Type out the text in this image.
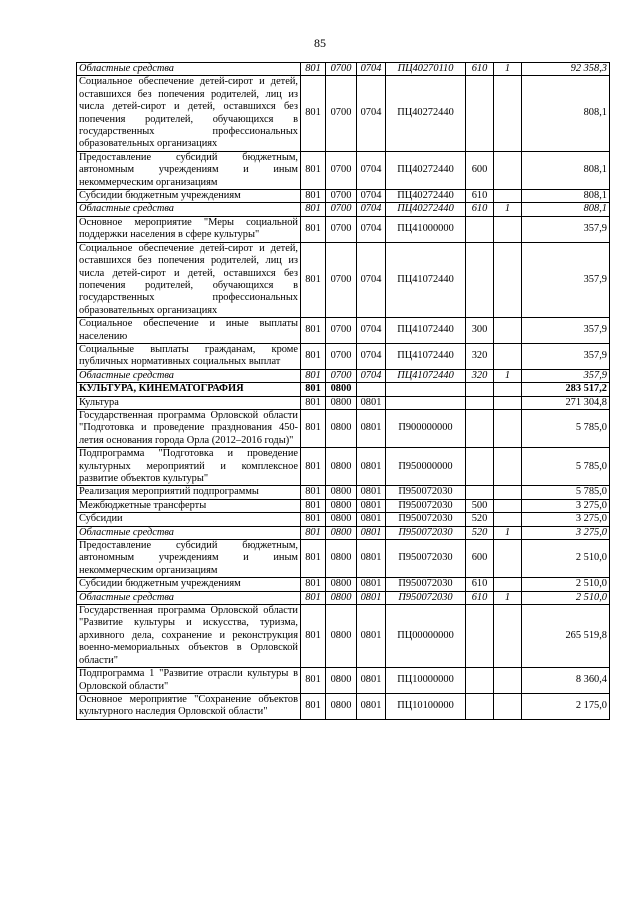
85
Областные средства	801	0700	0704	ПЦ40270110	610	1	92 358,3
Социальное обеспечение детей-сирот и детей, оставшихся без попечения родителей, лиц из числа детей-сирот и детей, оставшихся без попечения родителей, обучающихся в государственных профессиональных образовательных организациях	801	0700	0704	ПЦ40272440			808,1
Предоставление субсидий бюджетным, автономным учреждениям и иным некоммерческим организациям	801	0700	0704	ПЦ40272440	600		808,1
Субсидии бюджетным учреждениям	801	0700	0704	ПЦ40272440	610		808,1
Областные средства	801	0700	0704	ПЦ40272440	610	1	808,1
Основное мероприятие "Меры социальной поддержки населения в сфере культуры"	801	0700	0704	ПЦ41000000			357,9
Социальное обеспечение детей-сирот и детей, оставшихся без попечения родителей, лиц из числа детей-сирот и детей, оставшихся без попечения родителей, обучающихся в государственных профессиональных образовательных организациях	801	0700	0704	ПЦ41072440			357,9
Социальное обеспечение и иные выплаты населению	801	0700	0704	ПЦ41072440	300		357,9
Социальные выплаты гражданам, кроме публичных нормативных социальных выплат	801	0700	0704	ПЦ41072440	320		357,9
Областные средства	801	0700	0704	ПЦ41072440	320	1	357,9
КУЛЬТУРА, КИНЕМАТОГРАФИЯ	801	0800					283 517,2
Культура	801	0800	0801				271 304,8
Государственная программа Орловской области "Подготовка и проведение празднования 450-летия основания города Орла (2012–2016 годы)"	801	0800	0801	П900000000			5 785,0
Подпрограмма "Подготовка и проведение культурных мероприятий и комплексное развитие объектов культуры"	801	0800	0801	П950000000			5 785,0
Реализация мероприятий подпрограммы	801	0800	0801	П950072030			5 785,0
Межбюджетные трансферты	801	0800	0801	П950072030	500		3 275,0
Субсидии	801	0800	0801	П950072030	520		3 275,0
Областные средства	801	0800	0801	П950072030	520	1	3 275,0
Предоставление субсидий бюджетным, автономным учреждениям и иным некоммерческим организациям	801	0800	0801	П950072030	600		2 510,0
Субсидии бюджетным учреждениям	801	0800	0801	П950072030	610		2 510,0
Областные средства	801	0800	0801	П950072030	610	1	2 510,0
Государственная программа Орловской области "Развитие культуры и искусства, туризма, архивного дела, сохранение и реконструкция военно-мемориальных объектов в Орловской области"	801	0800	0801	ПЦ00000000			265 519,8
Подпрограмма 1 "Развитие отрасли культуры в Орловской области"	801	0800	0801	ПЦ10000000			8 360,4
Основное мероприятие "Сохранение объектов культурного наследия Орловской области"	801	0800	0801	ПЦ10100000			2 175,0
